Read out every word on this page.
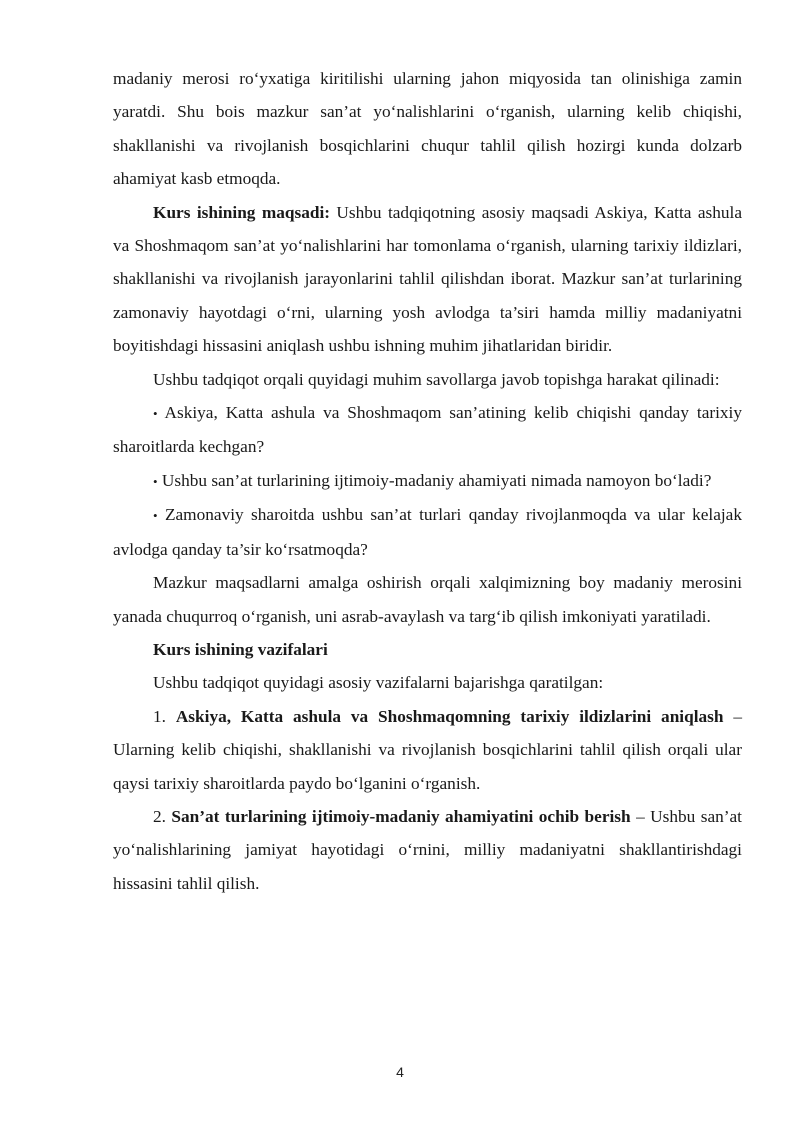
madaniy merosi ro‘yxatiga kiritilishi ularning jahon miqyosida tan olinishiga zamin yaratdi. Shu bois mazkur san’at yo‘nalishlarini o‘rganish, ularning kelib chiqishi, shakllanishi va rivojlanish bosqichlarini chuqur tahlil qilish hozirgi kunda dolzarb ahamiyat kasb etmoqda.

Kurs ishining maqsadi: Ushbu tadqiqotning asosiy maqsadi Askiya, Katta ashula va Shoshmaqom san’at yo‘nalishlarini har tomonlama o‘rganish, ularning tarixiy ildizlari, shakllanishi va rivojlanish jarayonlarini tahlil qilishdan iborat. Mazkur san’at turlarining zamonaviy hayotdagi o‘rni, ularning yosh avlodga ta’siri hamda milliy madaniyatni boyitishdagi hissasini aniqlash ushbu ishning muhim jihatlaridan biridir.

Ushbu tadqiqot orqali quyidagi muhim savollarga javob topishga harakat qilinadi:

• Askiya, Katta ashula va Shoshmaqom san’atining kelib chiqishi qanday tarixiy sharoitlarda kechgan?

• Ushbu san’at turlarining ijtimoiy-madaniy ahamiyati nimada namoyon bo‘ladi?

• Zamonaviy sharoitda ushbu san’at turlari qanday rivojlanmoqda va ular kelajak avlodga qanday ta’sir ko‘rsatmoqda?

Mazkur maqsadlarni amalga oshirish orqali xalqimizning boy madaniy merosini yanada chuqurroq o‘rganish, uni asrab-avaylash va targ‘ib qilish imkoniyati yaratiladi.

Kurs ishining vazifalari

Ushbu tadqiqot quyidagi asosiy vazifalarni bajarishga qaratilgan:

1. Askiya, Katta ashula va Shoshmaqomning tarixiy ildizlarini aniqlash – Ularning kelib chiqishi, shakllanishi va rivojlanish bosqichlarini tahlil qilish orqali ular qaysi tarixiy sharoitlarda paydo bo‘lganini o‘rganish.

2. San’at turlarining ijtimoiy-madaniy ahamiyatini ochib berish – Ushbu san’at yo‘nalishlarining jamiyat hayotidagi o‘rnini, milliy madaniyatni shakllantirishdagi hissasini tahlil qilish.

4
